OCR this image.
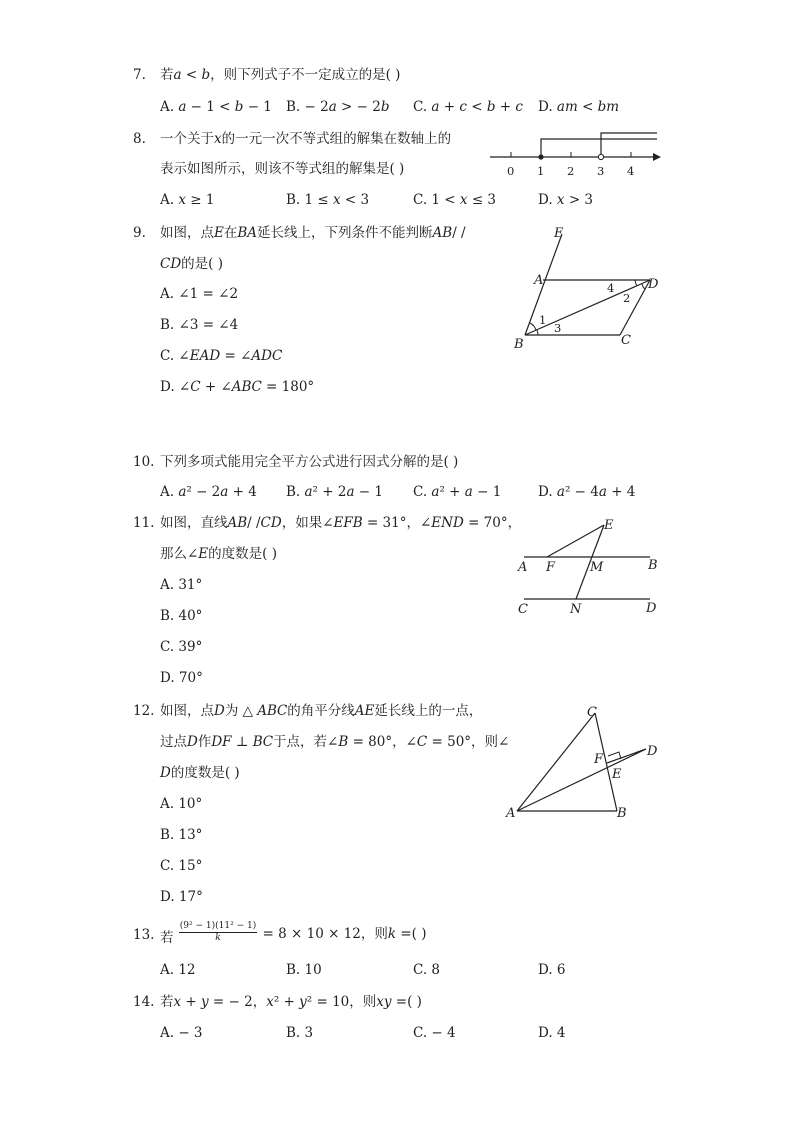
7. 若𝑎 < 𝑏，则下列式子不一定成立的是( )
A. 𝑎 − 1 < 𝑏 − 1 B. − 2𝑎 > − 2𝑏 C. 𝑎 + 𝑐 < 𝑏 + 𝑐 D. 𝑎𝑚 < 𝑏𝑚
8. 一个关于𝑥的一元一次不等式组的解集在数轴上的
表示如图所示，则该不等式组的解集是( )
A. 𝑥 ≥ 1	B. 1 ≤ 𝑥 < 3	C. 1 < 𝑥 ≤ 3	D. 𝑥 > 3
0 1 2 3 4
9. 如图，点𝐸在𝐵𝐴延长线上，下列条件不能判断𝐴𝐵/ /
𝐶𝐷的是( )
A. ∠1 = ∠2
B. ∠3 = ∠4
C. ∠𝐸𝐴𝐷 = ∠𝐴𝐷𝐶
D. ∠𝐶 + ∠𝐴𝐵𝐶 = 180°
E
A	D
B	C
1
2
3
4
10. 下列多项式能用完全平方公式进行因式分解的是( )
A. 𝑎² − 2𝑎 + 4 B. 𝑎² + 2𝑎 − 1 C. 𝑎² + 𝑎 − 1	D. 𝑎² − 4𝑎 + 4
11. 如图，直线𝐴𝐵/ /𝐶𝐷，如果∠𝐸𝐹𝐵 = 31°，∠𝐸𝑁𝐷 = 70°，
那么∠𝐸的度数是( )
A. 31°
B. 40°
C. 39°
D. 70°
E
A F	M	B
C	N	D
12. 如图，点𝐷为 △ 𝐴𝐵𝐶的角平分线𝐴𝐸延长线上的一点，
过点𝐷作𝐷𝐹 ⊥ 𝐵𝐶于点，若∠𝐵 = 80°，∠𝐶 = 50°，则∠
𝐷的度数是( )
A. 10°
B. 13°
C. 15°
D. 17°
C
F
D
E
A	B
13. 若
(9² − 1)(11² − 1)
𝑘	= 8 × 10 × 12，则𝑘 =( )
A. 12	B. 10	C. 8	D. 6
14. 若𝑥 + 𝑦 = − 2，𝑥² + 𝑦² = 10，则𝑥𝑦 =( )
A. − 3	B. 3	C. − 4	D. 4
